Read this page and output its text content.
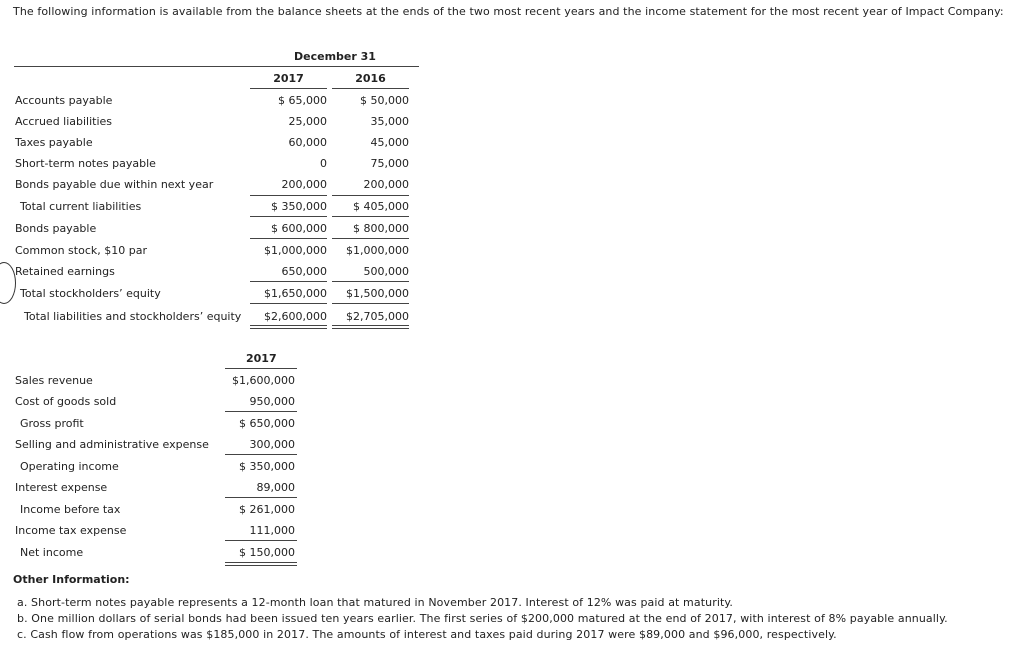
The following information is available from the balance sheets at the ends of the two most recent years and the income statement for the most recent year of Impact Company:
December 31
2017	2016
Accounts payable	$ 65,000	$ 50,000
Accrued liabilities	25,000	35,000
Taxes payable	60,000	45,000
Short-term notes payable	0	75,000
Bonds payable due within next year	200,000	200,000
Total current liabilities	$ 350,000	$ 405,000
Bonds payable	$ 600,000	$ 800,000
Common stock, $10 par	$1,000,000	$1,000,000
Retained earnings	650,000	500,000
Total stockholders’ equity	$1,650,000	$1,500,000
Total liabilities and stockholders’ equity	$2,600,000	$2,705,000
2017
Sales revenue	$1,600,000
Cost of goods sold	950,000
Gross profit	$ 650,000
Selling and administrative expense	300,000
Operating income	$ 350,000
Interest expense	89,000
Income before tax	$ 261,000
Income tax expense	111,000
Net income	$ 150,000
Other Information:
a. Short-term notes payable represents a 12-month loan that matured in November 2017. Interest of 12% was paid at maturity.
b. One million dollars of serial bonds had been issued ten years earlier. The first series of $200,000 matured at the end of 2017, with interest of 8% payable annually.
c. Cash flow from operations was $185,000 in 2017. The amounts of interest and taxes paid during 2017 were $89,000 and $96,000, respectively.
